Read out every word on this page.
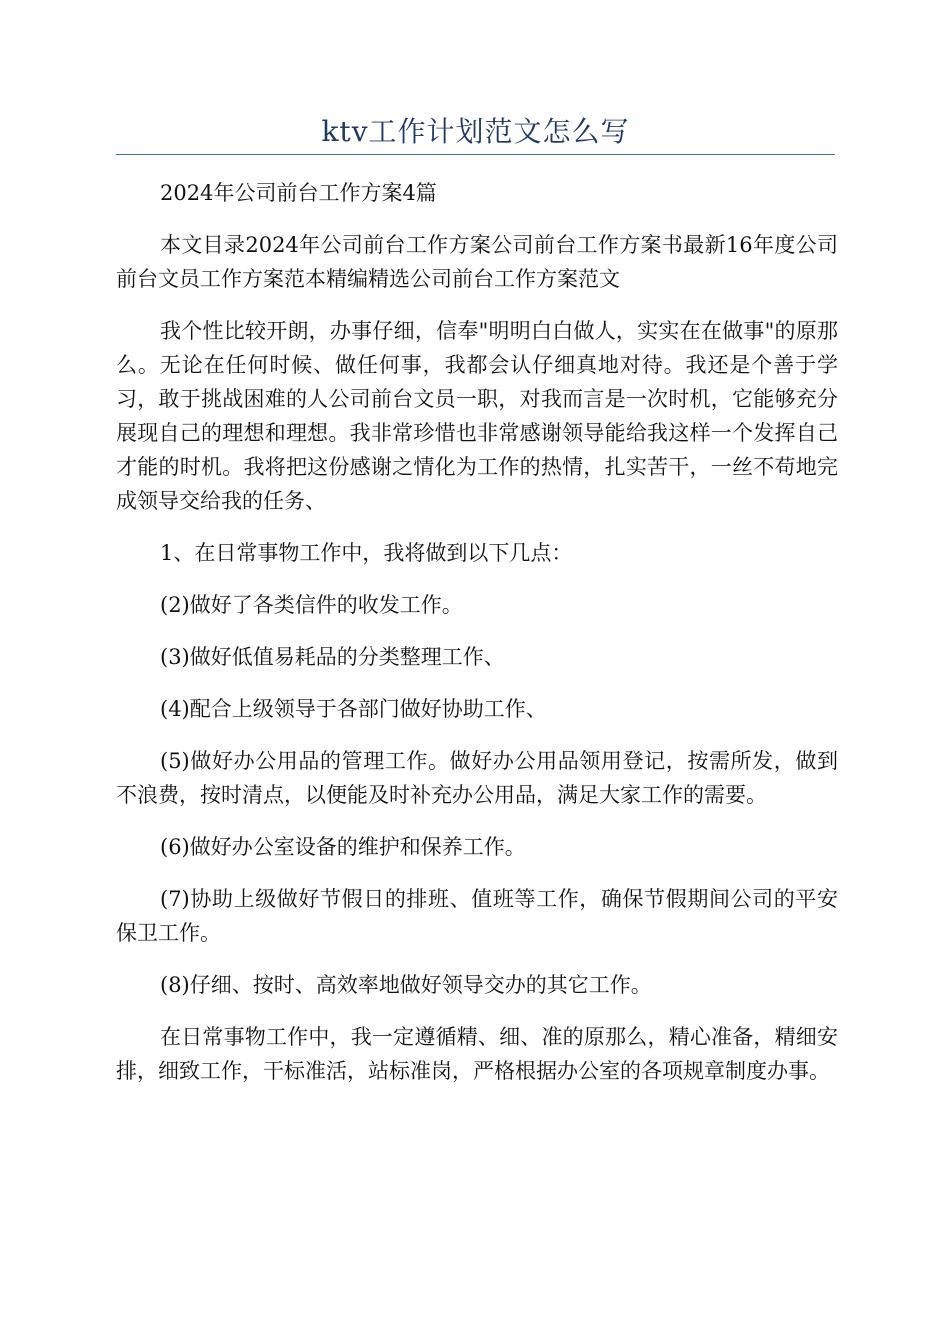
ktv工作计划范文怎么写

2024年公司前台工作方案4篇

本文目录2024年公司前台工作方案公司前台工作方案书最新16年度公司前台文员工作方案范本精编精选公司前台工作方案范文

我个性比较开朗，办事仔细，信奉"明明白白做人，实实在在做事"的原那么。无论在任何时候、做任何事，我都会认仔细真地对待。我还是个善于学习，敢于挑战困难的人公司前台文员一职，对我而言是一次时机，它能够充分展现自己的理想和理想。我非常珍惜也非常感谢领导能给我这样一个发挥自己才能的时机。我将把这份感谢之情化为工作的热情，扎实苦干，一丝不苟地完成领导交给我的任务、

1、在日常事物工作中，我将做到以下几点：

(2)做好了各类信件的收发工作。

(3)做好低值易耗品的分类整理工作、

(4)配合上级领导于各部门做好协助工作、

(5)做好办公用品的管理工作。做好办公用品领用登记，按需所发，做到不浪费，按时清点，以便能及时补充办公用品，满足大家工作的需要。

(6)做好办公室设备的维护和保养工作。

(7)协助上级做好节假日的排班、值班等工作，确保节假期间公司的平安保卫工作。

(8)仔细、按时、高效率地做好领导交办的其它工作。

在日常事物工作中，我一定遵循精、细、准的原那么，精心准备，精细安排，细致工作，干标准活，站标准岗，严格根据办公室的各项规章制度办事。
